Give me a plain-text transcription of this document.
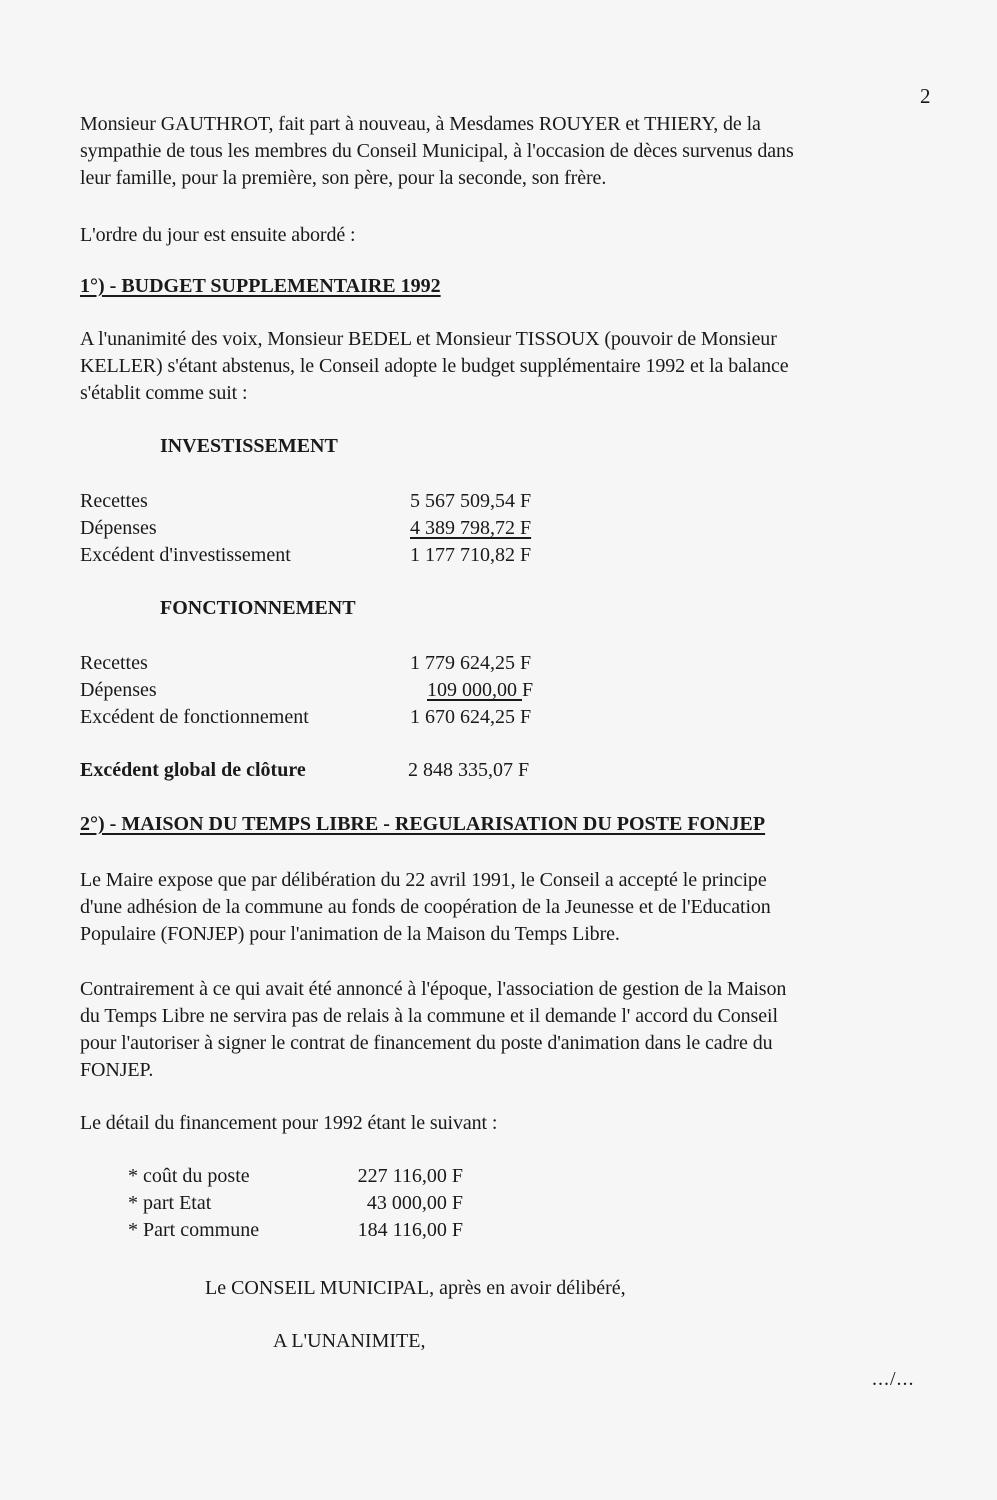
2

Monsieur GAUTHROT, fait part à nouveau, à Mesdames ROUYER et THIERY, de la
sympathie de tous les membres du Conseil Municipal, à l'occasion de dèces survenus dans
leur famille, pour la première, son père, pour la seconde, son frère.

L'ordre du jour est ensuite abordé :

1°) - BUDGET SUPPLEMENTAIRE 1992

A l'unanimité des voix, Monsieur BEDEL et Monsieur TISSOUX (pouvoir de Monsieur
KELLER) s'étant abstenus, le Conseil adopte le budget supplémentaire 1992 et la balance
s'établit comme suit :

INVESTISSEMENT
Recettes	5 567 509,54 F
Dépenses	4 389 798,72 F
Excédent d'investissement	1 177 710,82 F
FONCTIONNEMENT
Recettes	1 779 624,25 F
Dépenses	109 000,00 F
Excédent de fonctionnement	1 670 624,25 F
Excédent global de clôture	2 848 335,07 F
2°) - MAISON DU TEMPS LIBRE - REGULARISATION DU POSTE FONJEP

Le Maire expose que par délibération du 22 avril 1991, le Conseil a accepté le principe
d'une adhésion de la commune au fonds de coopération de la Jeunesse et de l'Education
Populaire (FONJEP) pour l'animation de la Maison du Temps Libre.

Contrairement à ce qui avait été annoncé à l'époque, l'association de gestion de la Maison
du Temps Libre ne servira pas de relais à la commune et il demande l' accord du Conseil
pour l'autoriser à signer le contrat de financement du poste d'animation dans le cadre du
FONJEP.

Le détail du financement pour 1992 étant le suivant :

* coût du poste	227 116,00 F
* part Etat	43 000,00 F
* Part commune	184 116,00 F
Le CONSEIL MUNICIPAL, après en avoir délibéré,
A L'UNANIMITE,
.../...
